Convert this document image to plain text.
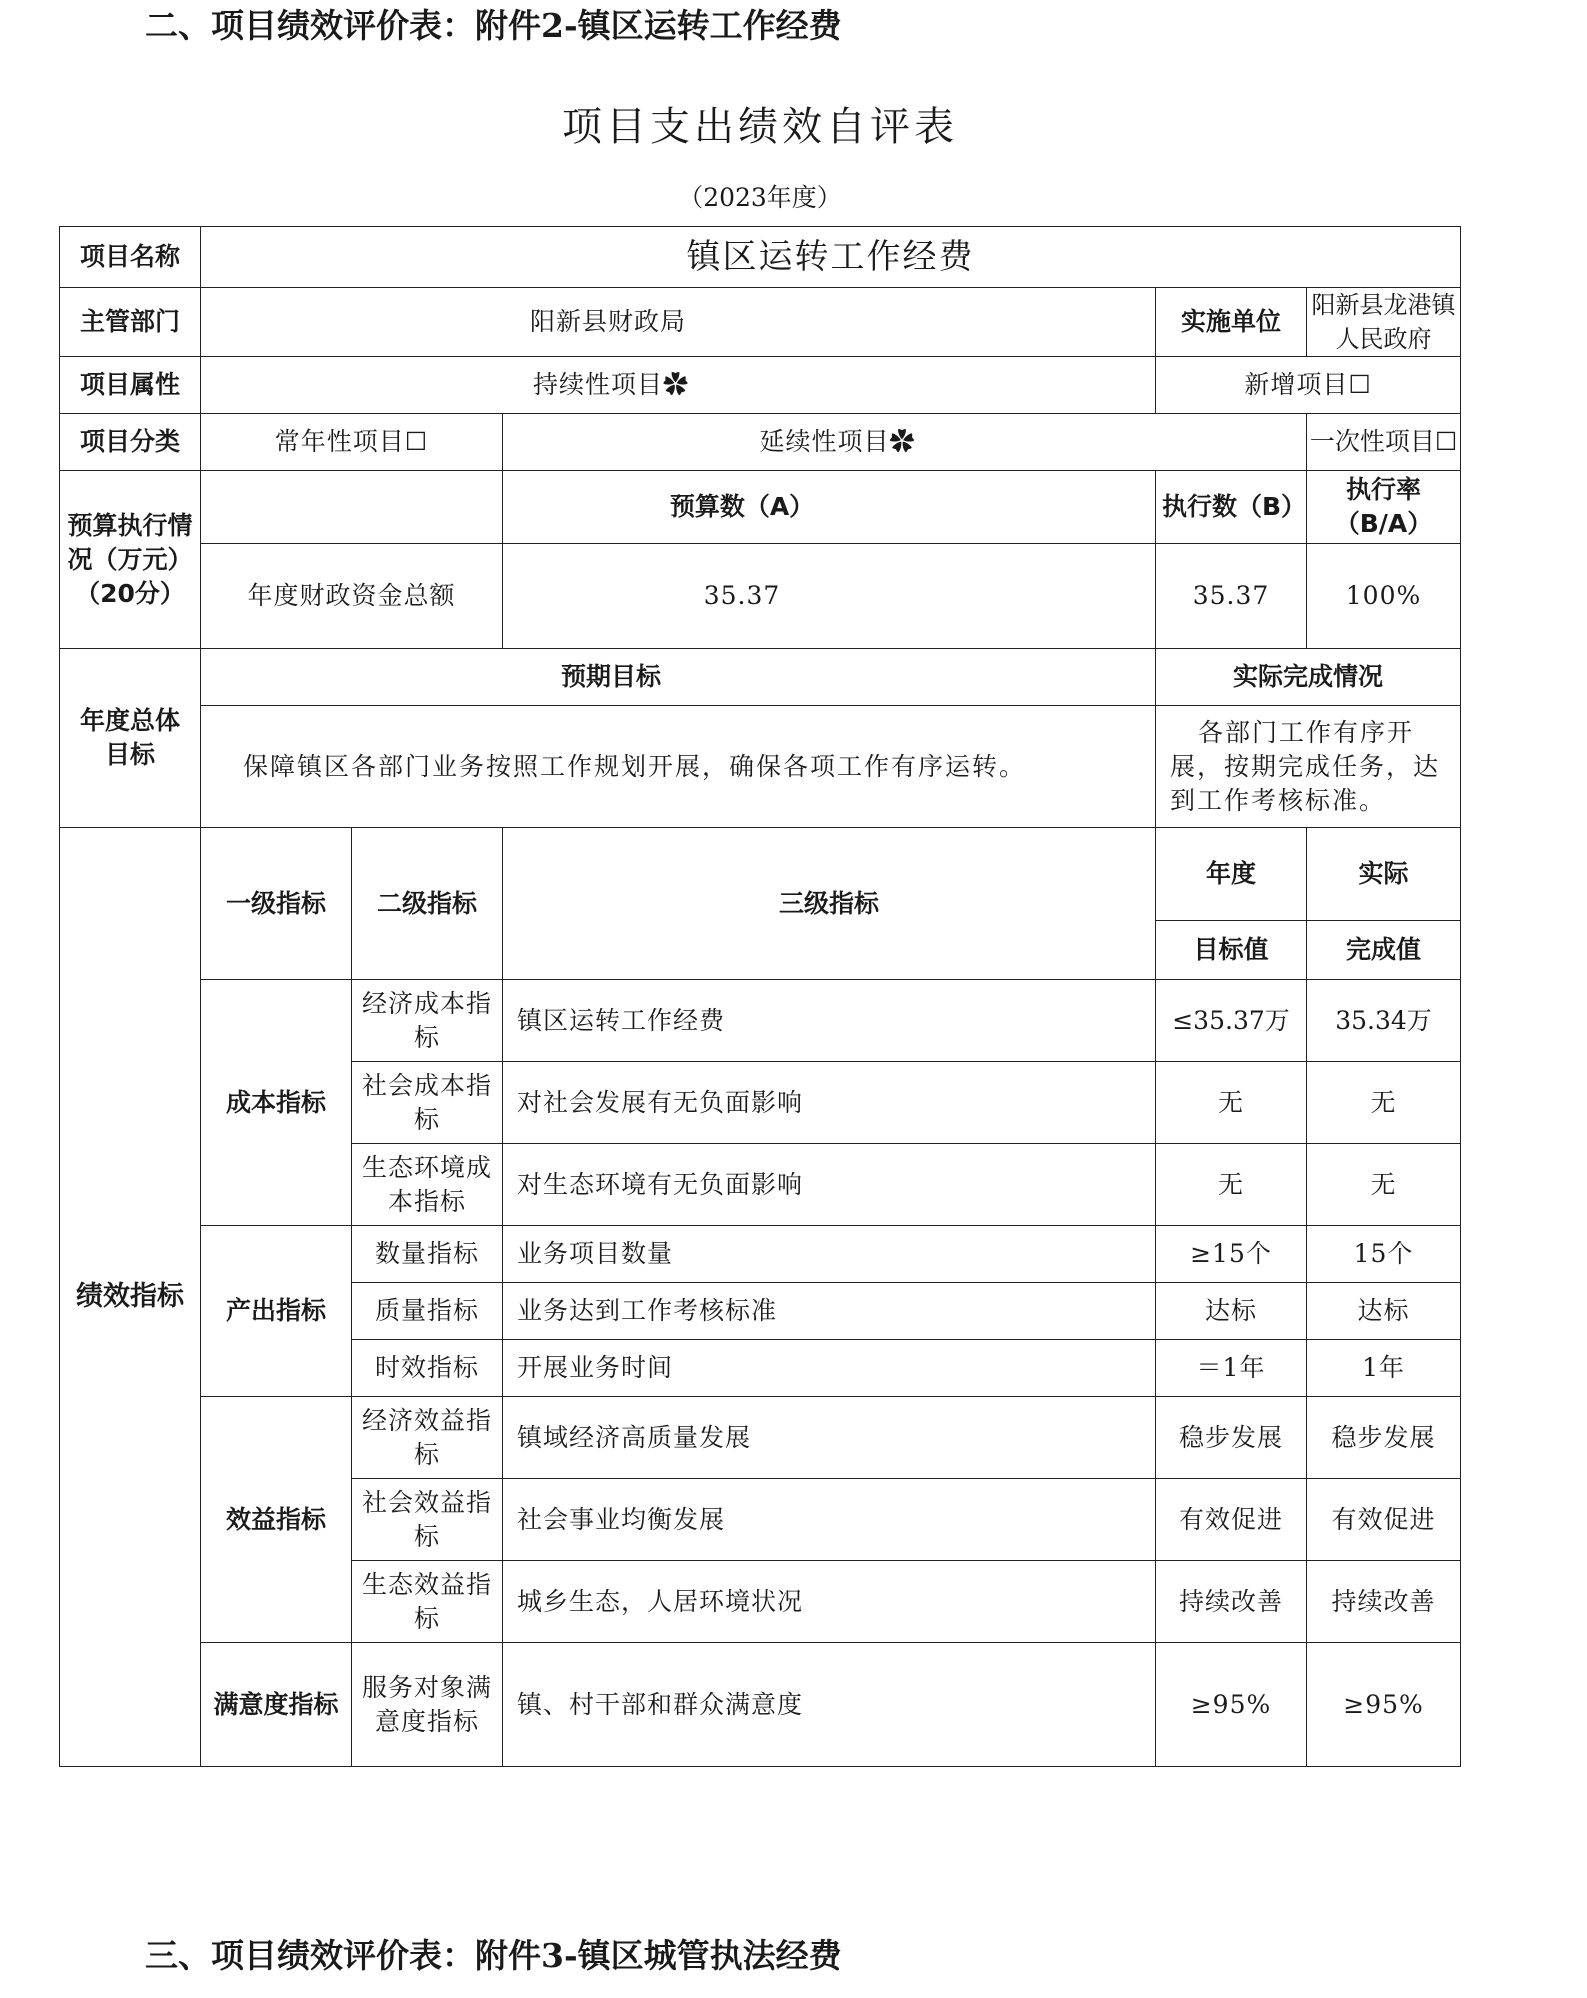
二、项目绩效评价表：附件2-镇区运转工作经费
项目支出绩效自评表
（2023年度）
项目名称	镇区运转工作经费				
主管部门	阳新县财政局			实施单位	阳新县龙港镇人民政府
项目属性	持续性项目✿			新增项目☐	
项目分类	常年性项目☐		延续性项目✿		一次性项目☐
预算执行情况（万元）（20分）			预算数（A）	执行数（B）	执行率（B/A）
	年度财政资金总额		35.37	35.37	100%
年度总体目标	预期目标			实际完成情况	
	保障镇区各部门业务按照工作规划开展，确保各项工作有序运转。			各部门工作有序开展，按期完成任务，达到工作考核标准。	
绩效指标	一级指标	二级指标	三级指标	年度	实际
				目标值	完成值
	成本指标	经济成本指标	镇区运转工作经费	≤35.37万	35.34万
		社会成本指标	对社会发展有无负面影响	无	无
		生态环境成本指标	对生态环境有无负面影响	无	无
	产出指标	数量指标	业务项目数量	≥15个	15个
		质量指标	业务达到工作考核标准	达标	达标
		时效指标	开展业务时间	＝1年	1年
	效益指标	经济效益指标	镇域经济高质量发展	稳步发展	稳步发展
		社会效益指标	社会事业均衡发展	有效促进	有效促进
		生态效益指标	城乡生态，人居环境状况	持续改善	持续改善
	满意度指标	服务对象满意度指标	镇、村干部和群众满意度	≥95%	≥95%
三、项目绩效评价表：附件3-镇区城管执法经费
